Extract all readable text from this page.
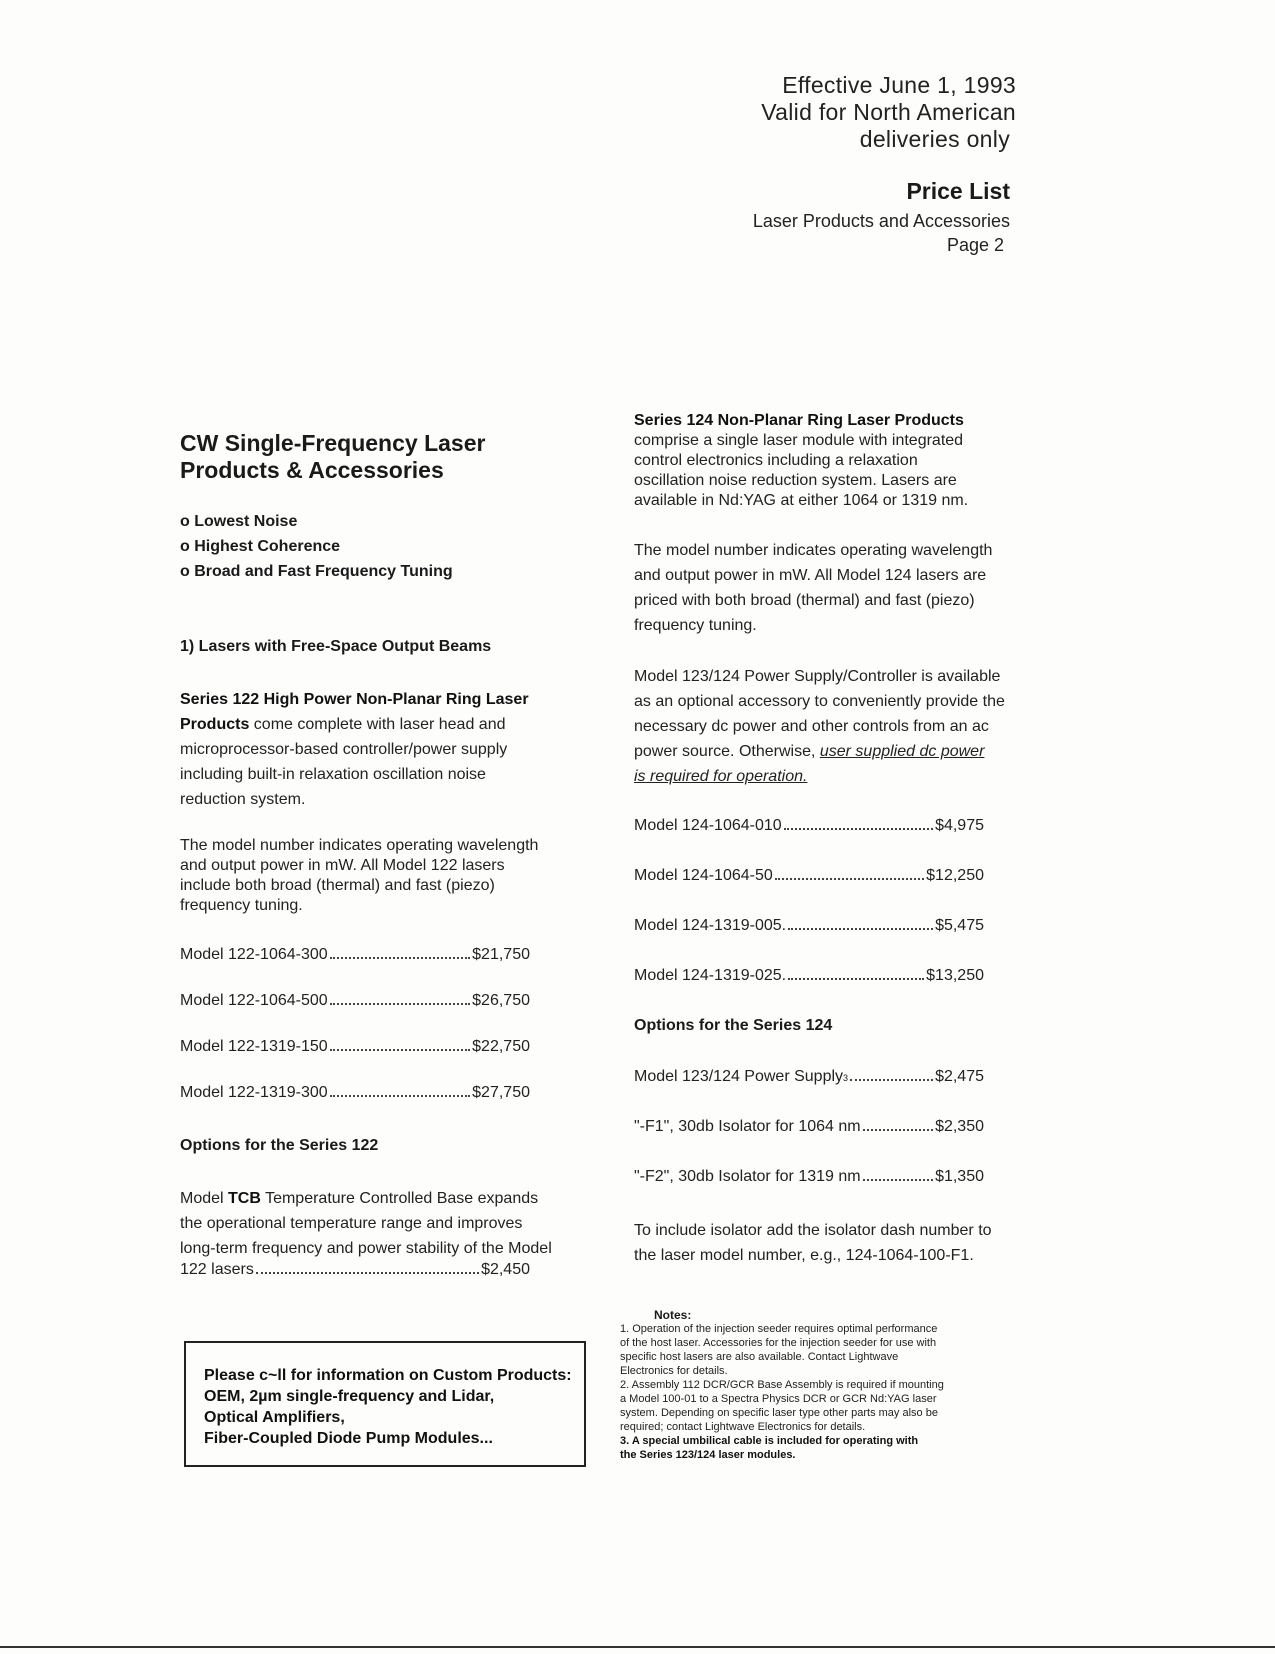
Effective June 1, 1993
Valid for North American
deliveries only
Price List
Laser Products and Accessories
Page 2
CW Single-Frequency Laser
Products & Accessories
o Lowest Noise
o Highest Coherence
o Broad and Fast Frequency Tuning
1) Lasers with Free-Space Output Beams
Series 122 High Power Non-Planar Ring Laser
Products come complete with laser head and
microprocessor-based controller/power supply
including built-in relaxation oscillation noise
reduction system.
The model number indicates operating wavelength
and output power in mW. All Model 122 lasers
include both broad (thermal) and fast (piezo)
frequency tuning.
Model 122-1064-300	$21,750
Model 122-1064-500	$26,750
Model 122-1319-150	$22,750
Model 122-1319-300	$27,750
Options for the Series 122
Model TCB Temperature Controlled Base expands
the operational temperature range and improves
long-term frequency and power stability of the Model
122 lasers	$2,450
Please c~ll for information on Custom Products:
OEM, 2µm single-frequency and Lidar,
Optical Amplifiers,
Fiber-Coupled Diode Pump Modules...
Series 124 Non-Planar Ring Laser Products
comprise a single laser module with integrated
control electronics including a relaxation
oscillation noise reduction system. Lasers are
available in Nd:YAG at either 1064 or 1319 nm.
The model number indicates operating wavelength
and output power in mW. All Model 124 lasers are
priced with both broad (thermal) and fast (piezo)
frequency tuning.
Model 123/124 Power Supply/Controller is available
as an optional accessory to conveniently provide the
necessary dc power and other controls from an ac
power source. Otherwise, user supplied dc power
is required for operation.
Model 124-1064-010	$4,975
Model 124-1064-50	$12,250
Model 124-1319-005.	$5,475
Model 124-1319-025.	$13,250
Options for the Series 124
Model 123/124 Power Supply 3	$2,475
"-F1", 30db Isolator for 1064 nm	$2,350
"-F2", 30db Isolator for 1319 nm	$1,350
To include isolator add the isolator dash number to
the laser model number, e.g., 124-1064-100-F1.
Notes:
1. Operation of the injection seeder requires optimal performance
of the host laser. Accessories for the injection seeder for use with
specific host lasers are also available. Contact Lightwave
Electronics for details.
2. Assembly 112 DCR/GCR Base Assembly is required if mounting
a Model 100-01 to a Spectra Physics DCR or GCR Nd:YAG laser
system. Depending on specific laser type other parts may also be
required; contact Lightwave Electronics for details.
3. A special umbilical cable is included for operating with
the Series 123/124 laser modules.
